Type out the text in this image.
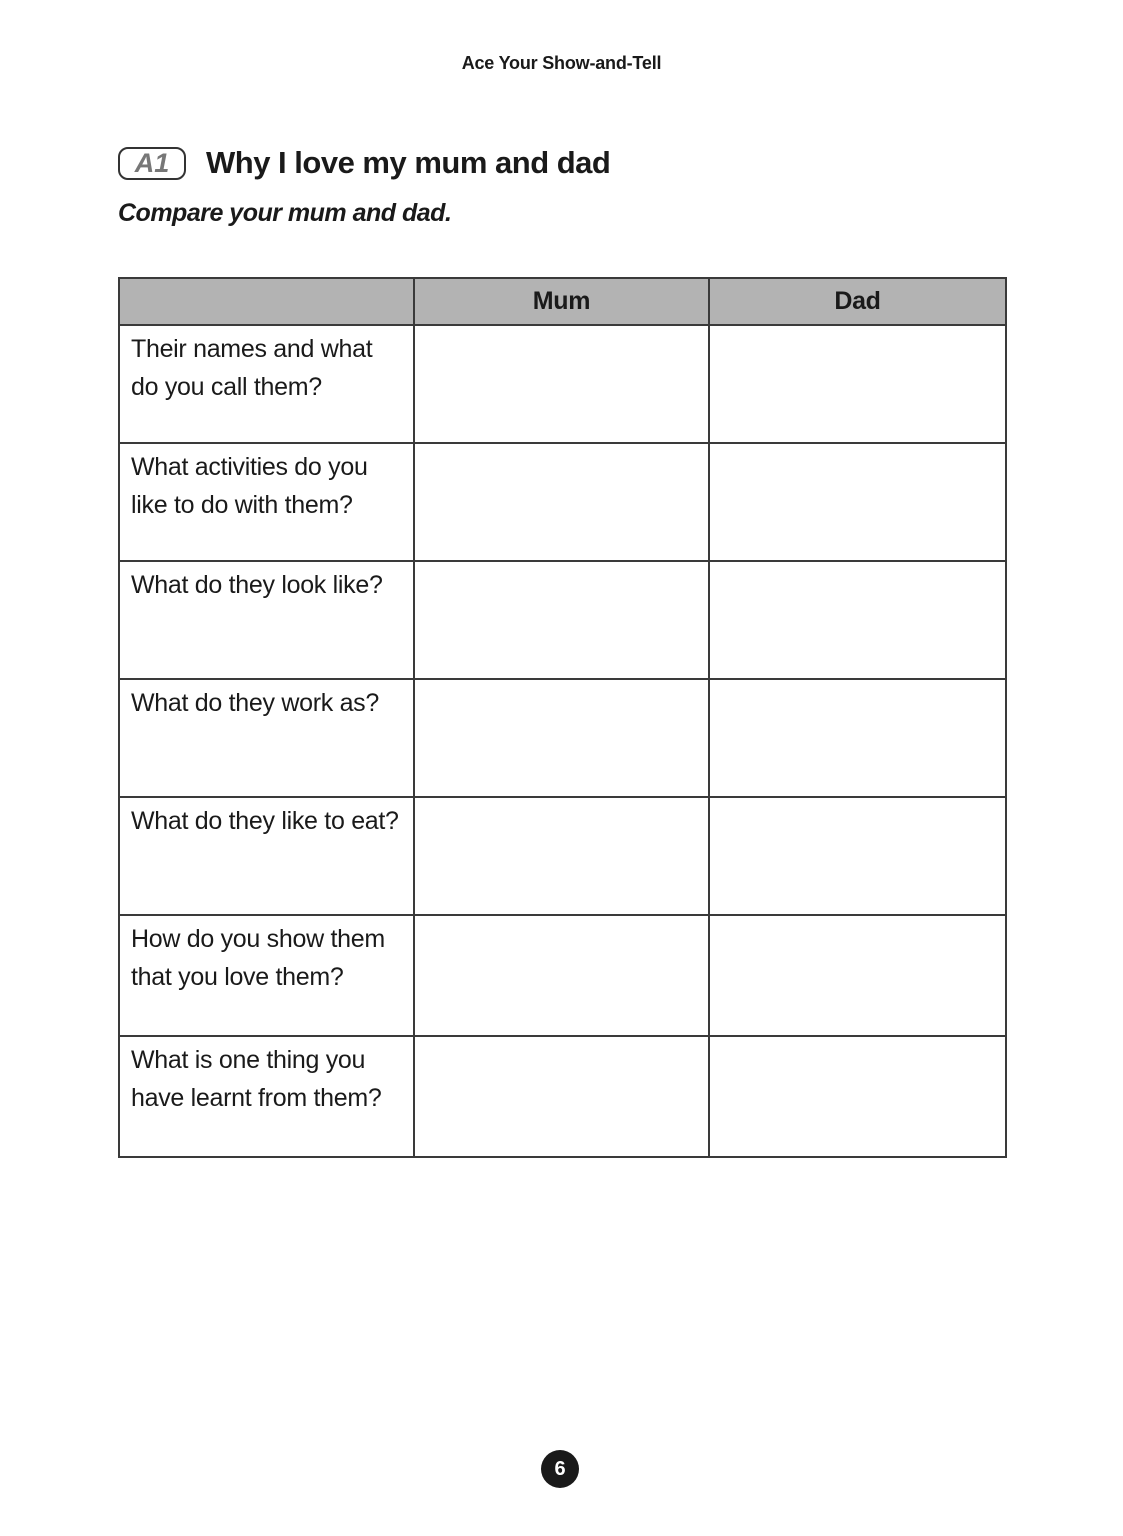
Ace Your Show-and-Tell
A1	Why I love my mum and dad
Compare your mum and dad.
	Mum	Dad
Their names and what do you call them?		
What activities do you like to do with them?		
What do they look like?		
What do they work as?		
What do they like to eat?		
How do you show them that you love them?		
What is one thing you have learnt from them?		
6
